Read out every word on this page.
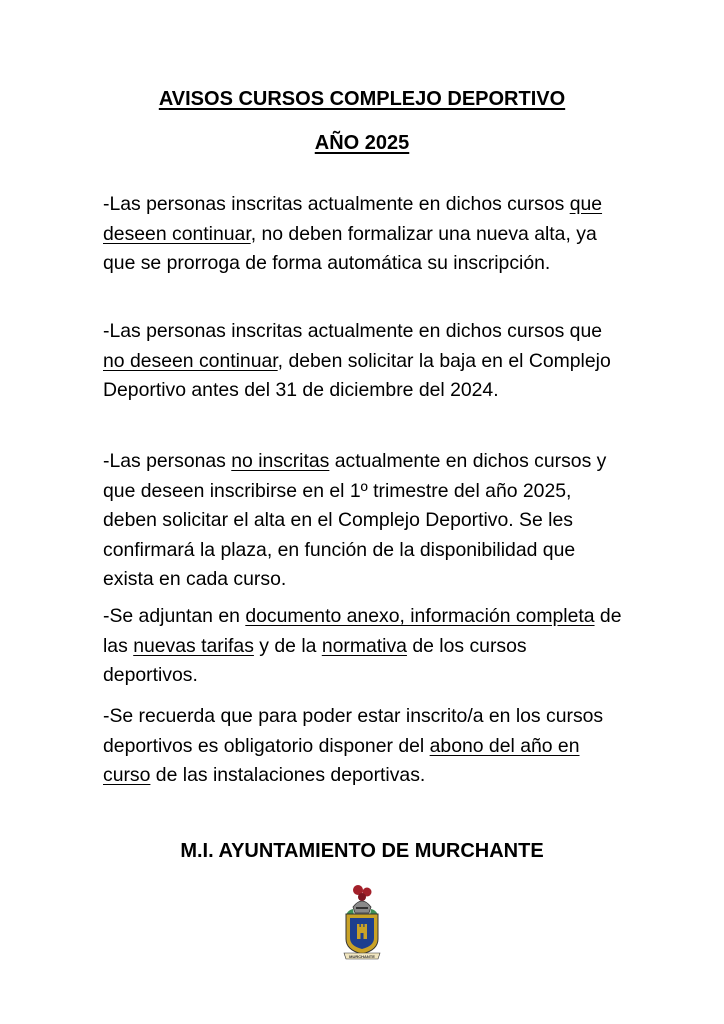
AVISOS CURSOS COMPLEJO DEPORTIVO
AÑO 2025
-Las personas inscritas actualmente en dichos cursos que deseen continuar, no deben formalizar una nueva alta, ya que se prorroga de forma automática su inscripción.
-Las personas inscritas actualmente en dichos cursos que no deseen continuar, deben solicitar la baja en el Complejo Deportivo antes del 31 de diciembre del 2024.
-Las personas no inscritas actualmente en dichos cursos y que deseen inscribirse en el 1º trimestre del año 2025, deben solicitar el alta en el Complejo Deportivo. Se les confirmará la plaza, en función de la disponibilidad que exista en cada curso.
-Se adjuntan en documento anexo, información completa de las nuevas tarifas y de la normativa de los cursos deportivos.
-Se recuerda que para poder estar inscrito/a en los cursos deportivos es obligatorio disponer del abono del año en curso de las instalaciones deportivas.
M.I. AYUNTAMIENTO DE MURCHANTE
MURCHANTE
